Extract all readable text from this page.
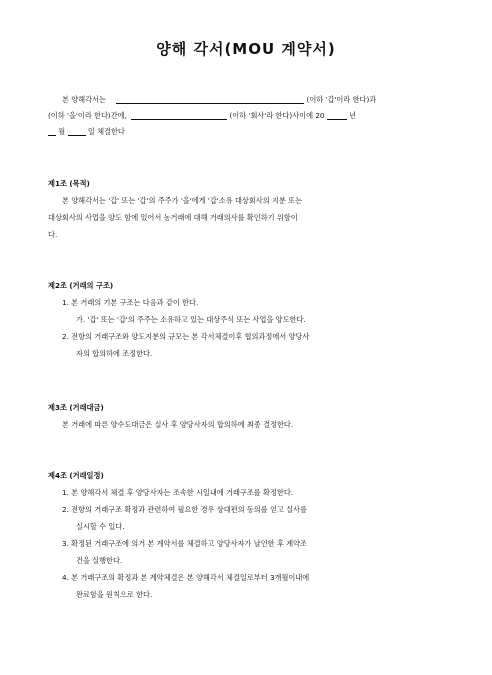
양해 각서(MOU 계약서)
본 양해각서는	(이하 '갑'이라 한다)과
(이하 '을'이라 한다)간에,	(이하 '회사'라 한다)사이에 20	년
월	일 체결한다
제1조 (목적)
본 양해각서는 '갑' 또는 '갑'의 주주가 '을'에게 '갑'소유 대상회사의 지분 또는
대상회사의 사업을 양도 함에 있어서 농거래에 대해 거래의사를 확인하기 위함이
다.
제2조 (거래의 구조)
1. 본 거래의 기본 구조는 다음과 같이 한다.
가. '갑' 또는 '갑'의 주주는 소유하고 있는 대상주식 또는 사업을 양도한다.
2. 전항의 거래구조와 양도지분의 규모는 본 각서체결이후 협의과정에서 양당사
자의 합의하에 조정한다.
제3조 (거래대금)
본 거래에 따른 양수도대금은 실사 후 양당사자의 합의하에 최종 결정한다.
제4조 (거래일정)
1. 본 양해각서 체결 후 양당사자는 조속한 시일내에 거래구조를 확정한다.
2. 전항의 거래구조 확정과 관련하여 필요한 경우 상대편의 동의를 얻고 실사를
실시할 수 있다.
3. 확정된 거래구조에 의거 본 계약서를 체결하고 양당사자가 날인한 후 계약조
건을 실행한다.
4. 본 거래구조의 확정과 본 계약체결은 본 양해각서 체결일로부터 3개월이내에
완료함을 원칙으로 한다.
